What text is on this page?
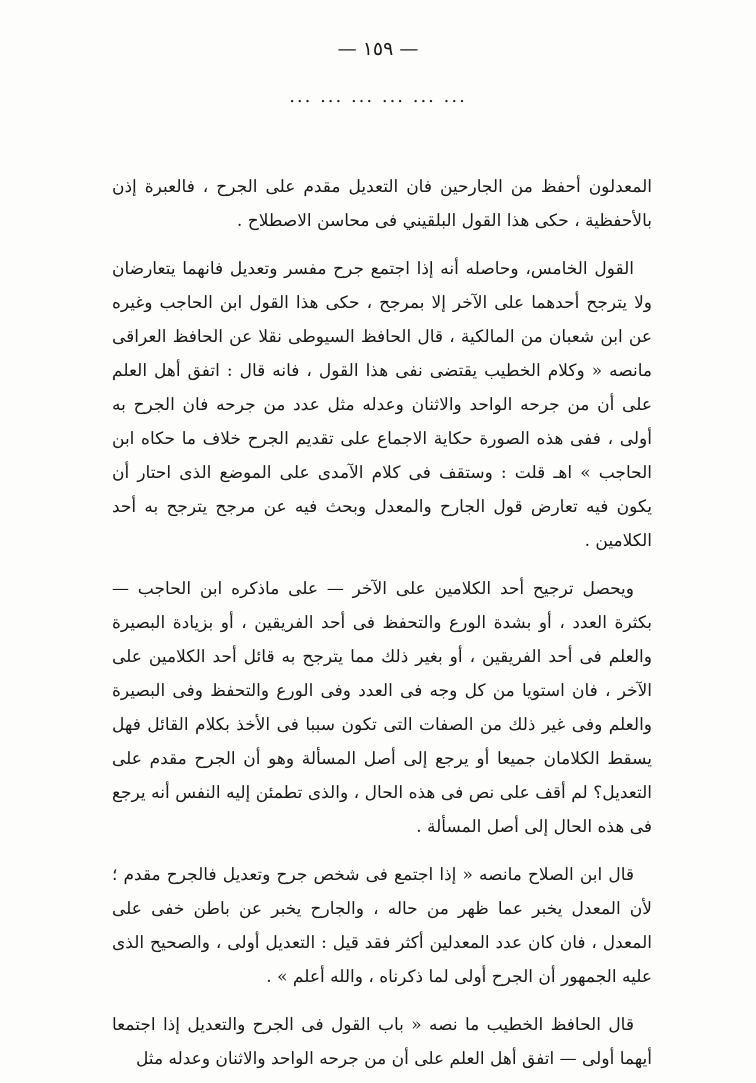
— ١٥٩ —
... ... ... ... ... ...

المعدلون أحفظ من الجارحين فان التعديل مقدم على الجرح ، فالعبرة إذن بالأحفظية ، حكى هذا القول البلقيني فى محاسن الاصطلاح .

القول الخامس، وحاصله أنه إذا اجتمع جرح مفسر وتعديل فانهما يتعارضان ولا يترجح أحدهما على الآخر إلا بمرجح ، حكى هذا القول ابن الحاجب وغيره عن ابن شعبان من المالكية ، قال الحافظ السيوطى نقلا عن الحافظ العراقى مانصه « وكلام الخطيب يقتضى نفى هذا القول ، فانه قال : اتفق أهل العلم على أن من جرحه الواحد والاثنان وعدله مثل عدد من جرحه فان الجرح به أولى ، ففى هذه الصورة حكاية الاجماع على تقديم الجرح خلاف ما حكاه ابن الحاجب » اهـ قلت : وستقف فى كلام الآمدى على الموضع الذى احتار أن يكون فيه تعارض قول الجارح والمعدل وبحث فيه عن مرجح يترجح به أحد الكلامين .

ويحصل ترجيح أحد الكلامين على الآخر — على ماذكره ابن الحاجب — بكثرة العدد ، أو بشدة الورع والتحفظ فى أحد الفريقين ، أو بزيادة البصيرة والعلم فى أحد الفريقين ، أو بغير ذلك مما يترجح به قائل أحد الكلامين على الآخر ، فان استويا من كل وجه فى العدد وفى الورع والتحفظ وفى البصيرة والعلم وفى غير ذلك من الصفات التى تكون سببا فى الأخذ بكلام القائل فهل يسقط الكلامان جميعا أو يرجع إلى أصل المسألة وهو أن الجرح مقدم على التعديل؟ لم أقف على نص فى هذه الحال ، والذى تطمئن إليه النفس أنه يرجع فى هذه الحال إلى أصل المسألة .

قال ابن الصلاح مانصه « إذا اجتمع فى شخص جرح وتعديل فالجرح مقدم ؛ لأن المعدل يخبر عما ظهر من حاله ، والجارح يخبر عن باطن خفى على المعدل ، فان كان عدد المعدلين أكثر فقد قيل : التعديل أولى ، والصحيح الذى عليه الجمهور أن الجرح أولى لما ذكرناه ، والله أعلم » .

قال الحافظ الخطيب ما نصه « باب القول فى الجرح والتعديل إذا اجتمعا أيهما أولى — اتفق أهل العلم على أن من جرحه الواحد والاثنان وعدله مثل
